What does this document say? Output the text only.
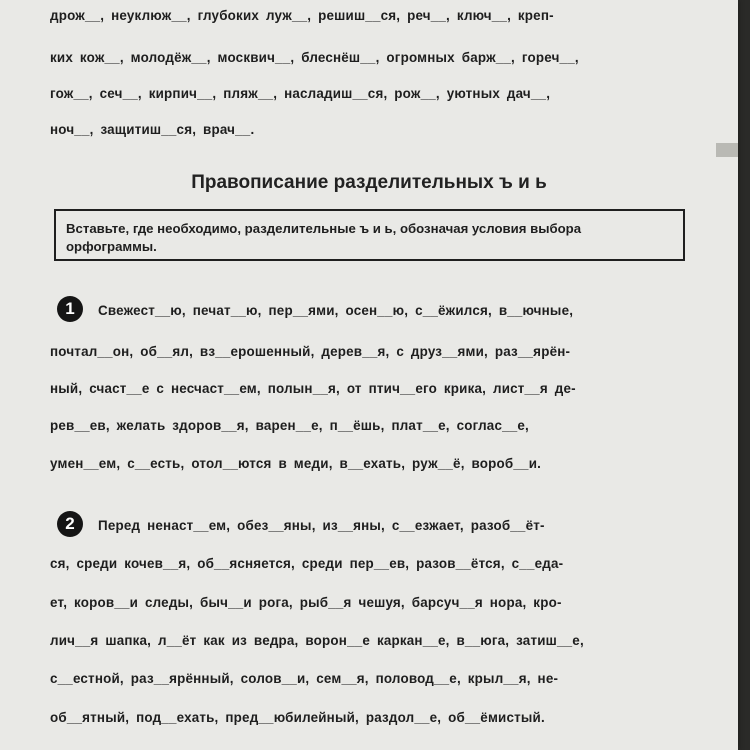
дрож__, неуклюж__, глубоких луж__, решиш__ся, реч__, ключ__, креп-
ких кож__, молодёж__, москвич__, блеснёш__, огромных барж__, гореч__,
гож__, сеч__, кирпич__, пляж__, насладиш__ся, рож__, уютных дач__,
ноч__, защитиш__ся, врач__.
Правописание разделительных ъ и ь
Вставьте, где необходимо, разделительные ъ и ь, обозначая условия выбора орфограммы.
1	Свежест__ю, печат__ю, пер__ями, осен__ю, с__ёжился, в__ючные,
почтал__он, об__ял, вз__ерошенный, дерев__я, с друз__ями, раз__ярён-
ный, счаст__е с несчаст__ем, полын__я, от птич__его крика, лист__я де-
рев__ев, желать здоров__я, варен__е, п__ёшь, плат__е, соглас__е,
умен__ем, с__есть, отол__ются в меди, в__ехать, руж__ё, вороб__и.
2	Перед ненаст__ем, обез__яны, из__яны, с__езжает, разоб__ёт-
ся, среди кочев__я, об__ясняется, среди пер__ев, разов__ётся, с__еда-
ет, коров__и следы, быч__и рога, рыб__я чешуя, барсуч__я нора, кро-
лич__я шапка, л__ёт как из ведра, ворон__е каркан__е, в__юга, затиш__е,
с__естной, раз__ярённый, солов__и, сем__я, половод__е, крыл__я, не-
об__ятный, под__ехать, пред__юбилейный, раздол__е, об__ёмистый.
